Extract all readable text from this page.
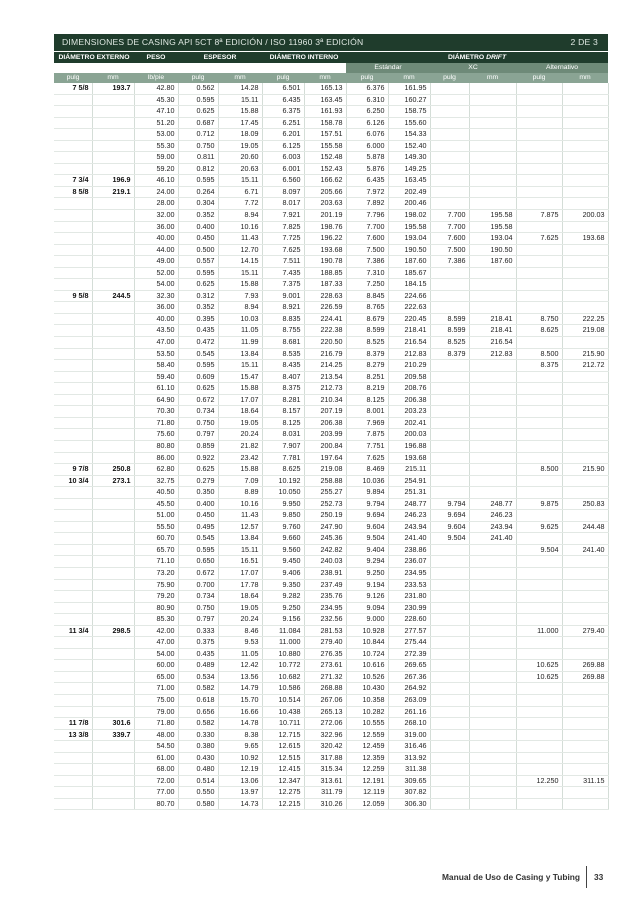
DIMENSIONES DE CASING API 5CT 8ª EDICIÓN / ISO 11960 3ª EDICIÓN	2 DE 3
DIÁMETRO EXTERNO		PESO	ESPESOR		DIÁMETRO INTERNO		DIÁMETRO DRIFT					
							Estándar		XC		Alternativo	
pulg	mm	lb/pie	pulg	mm	pulg	mm	pulg	mm	pulg	mm	pulg	mm
7 5/8	193.7	42.80	0.562	14.28	6.501	165.13	6.376	161.95				
		45.30	0.595	15.11	6.435	163.45	6.310	160.27				
		47.10	0.625	15.88	6.375	161.93	6.250	158.75				
		51.20	0.687	17.45	6.251	158.78	6.126	155.60				
		53.00	0.712	18.09	6.201	157.51	6.076	154.33				
		55.30	0.750	19.05	6.125	155.58	6.000	152.40				
		59.00	0.811	20.60	6.003	152.48	5.878	149.30				
		59.20	0.812	20.63	6.001	152.43	5.876	149.25				
7 3/4	196.9	46.10	0.595	15.11	6.560	166.62	6.435	163.45				
8 5/8	219.1	24.00	0.264	6.71	8.097	205.66	7.972	202.49				
		28.00	0.304	7.72	8.017	203.63	7.892	200.46				
		32.00	0.352	8.94	7.921	201.19	7.796	198.02	7.700	195.58	7.875	200.03
		36.00	0.400	10.16	7.825	198.76	7.700	195.58	7.700	195.58		
		40.00	0.450	11.43	7.725	196.22	7.600	193.04	7.600	193.04	7.625	193.68
		44.00	0.500	12.70	7.625	193.68	7.500	190.50	7.500	190.50		
		49.00	0.557	14.15	7.511	190.78	7.386	187.60	7.386	187.60		
		52.00	0.595	15.11	7.435	188.85	7.310	185.67				
		54.00	0.625	15.88	7.375	187.33	7.250	184.15				
9 5/8	244.5	32.30	0.312	7.93	9.001	228.63	8.845	224.66				
		36.00	0.352	8.94	8.921	226.59	8.765	222.63				
		40.00	0.395	10.03	8.835	224.41	8.679	220.45	8.599	218.41	8.750	222.25
		43.50	0.435	11.05	8.755	222.38	8.599	218.41	8.599	218.41	8.625	219.08
		47.00	0.472	11.99	8.681	220.50	8.525	216.54	8.525	216.54		
		53.50	0.545	13.84	8.535	216.79	8.379	212.83	8.379	212.83	8.500	215.90
		58.40	0.595	15.11	8.435	214.25	8.279	210.29			8.375	212.72
		59.40	0.609	15.47	8.407	213.54	8.251	209.58				
		61.10	0.625	15.88	8.375	212.73	8.219	208.76				
		64.90	0.672	17.07	8.281	210.34	8.125	206.38				
		70.30	0.734	18.64	8.157	207.19	8.001	203.23				
		71.80	0.750	19.05	8.125	206.38	7.969	202.41				
		75.60	0.797	20.24	8.031	203.99	7.875	200.03				
		80.80	0.859	21.82	7.907	200.84	7.751	196.88				
		86.00	0.922	23.42	7.781	197.64	7.625	193.68				
9 7/8	250.8	62.80	0.625	15.88	8.625	219.08	8.469	215.11			8.500	215.90
10 3/4	273.1	32.75	0.279	7.09	10.192	258.88	10.036	254.91				
		40.50	0.350	8.89	10.050	255.27	9.894	251.31				
		45.50	0.400	10.16	9.950	252.73	9.794	248.77	9.794	248.77	9.875	250.83
		51.00	0.450	11.43	9.850	250.19	9.694	246.23	9.694	246.23		
		55.50	0.495	12.57	9.760	247.90	9.604	243.94	9.604	243.94	9.625	244.48
		60.70	0.545	13.84	9.660	245.36	9.504	241.40	9.504	241.40		
		65.70	0.595	15.11	9.560	242.82	9.404	238.86			9.504	241.40
		71.10	0.650	16.51	9.450	240.03	9.294	236.07				
		73.20	0.672	17.07	9.406	238.91	9.250	234.95				
		75.90	0.700	17.78	9.350	237.49	9.194	233.53				
		79.20	0.734	18.64	9.282	235.76	9.126	231.80				
		80.90	0.750	19.05	9.250	234.95	9.094	230.99				
		85.30	0.797	20.24	9.156	232.56	9.000	228.60				
11 3/4	298.5	42.00	0.333	8.46	11.084	281.53	10.928	277.57			11.000	279.40
		47.00	0.375	9.53	11.000	279.40	10.844	275.44				
		54.00	0.435	11.05	10.880	276.35	10.724	272.39				
		60.00	0.489	12.42	10.772	273.61	10.616	269.65			10.625	269.88
		65.00	0.534	13.56	10.682	271.32	10.526	267.36			10.625	269.88
		71.00	0.582	14.79	10.586	268.88	10.430	264.92				
		75.00	0.618	15.70	10.514	267.06	10.358	263.09				
		79.00	0.656	16.66	10.438	265.13	10.282	261.16				
11 7/8	301.6	71.80	0.582	14.78	10.711	272.06	10.555	268.10				
13 3/8	339.7	48.00	0.330	8.38	12.715	322.96	12.559	319.00				
		54.50	0.380	9.65	12.615	320.42	12.459	316.46				
		61.00	0.430	10.92	12.515	317.88	12.359	313.92				
		68.00	0.480	12.19	12.415	315.34	12.259	311.38				
		72.00	0.514	13.06	12.347	313.61	12.191	309.65			12.250	311.15
		77.00	0.550	13.97	12.275	311.79	12.119	307.82				
		80.70	0.580	14.73	12.215	310.26	12.059	306.30				
Manual de Uso de Casing y Tubing 33
